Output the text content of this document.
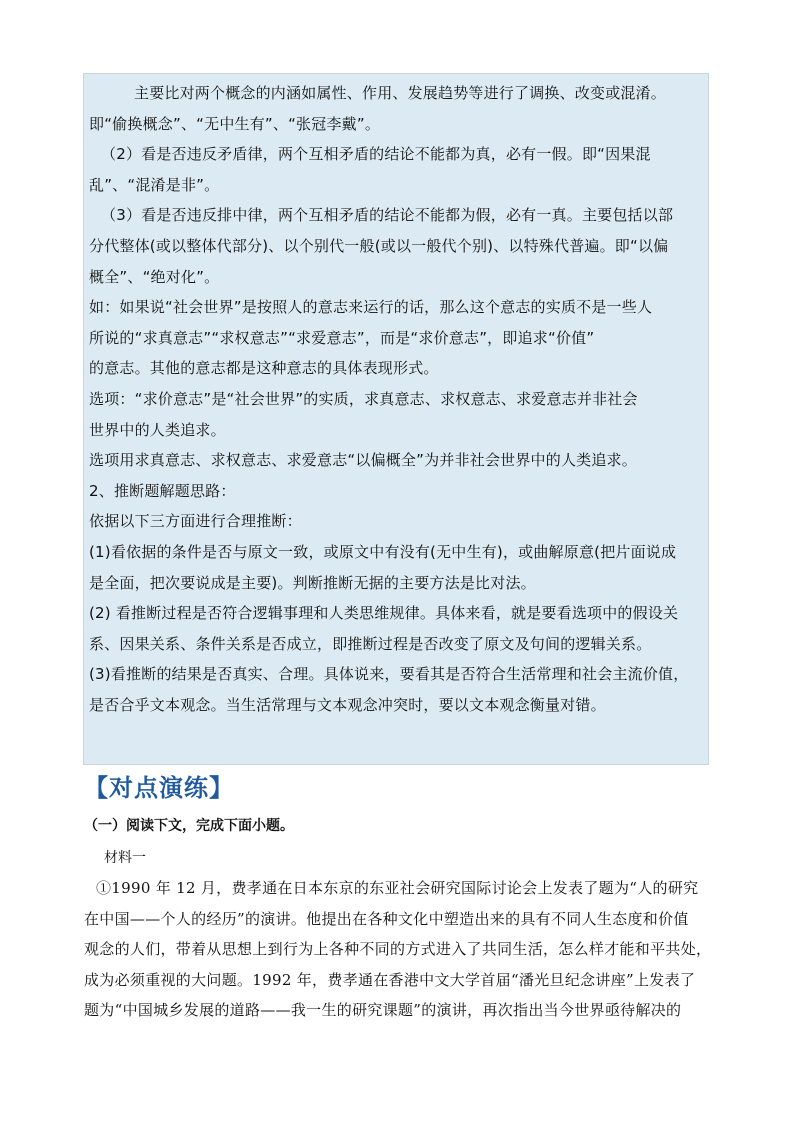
主要比对两个概念的内涵如属性、作用、发展趋势等进行了调换、改变或混淆。

即“偷换概念”、“无中生有”、“张冠李戴”。

（2）看是否违反矛盾律，两个互相矛盾的结论不能都为真，必有一假。即“因果混

乱”、“混淆是非”。

（3）看是否违反排中律，两个互相矛盾的结论不能都为假，必有一真。主要包括以部

分代整体(或以整体代部分)、以个别代一般(或以一般代个别)、以特殊代普遍。即“以偏

概全”、“绝对化”。

如：如果说“社会世界”是按照人的意志来运行的话，那么这个意志的实质不是一些人

所说的“求真意志”“求权意志”“求爱意志”，而是“求价意志”，即追求“价值”

的意志。其他的意志都是这种意志的具体表现形式。

选项：“求价意志”是“社会世界”的实质，求真意志、求权意志、求爱意志并非社会

世界中的人类追求。

选项用求真意志、求权意志、求爱意志“以偏概全”为并非社会世界中的人类追求。

2、推断题解题思路：

依据以下三方面进行合理推断：

(1)看依据的条件是否与原文一致，或原文中有没有(无中生有)，或曲解原意(把片面说成

是全面，把次要说成是主要)。判断推断无据的主要方法是比对法。

(2) 看推断过程是否符合逻辑事理和人类思维规律。具体来看，就是要看选项中的假设关

系、因果关系、条件关系是否成立，即推断过程是否改变了原文及句间的逻辑关系。

(3)看推断的结果是否真实、合理。具体说来，要看其是否符合生活常理和社会主流价值，

是否合乎文本观念。当生活常理与文本观念冲突时，要以文本观念衡量对错。

【对点演练】
（一）阅读下文，完成下面小题。
材料一

①1990 年 12 月，费孝通在日本东京的东亚社会研究国际讨论会上发表了题为“人的研究

在中国——个人的经历”的演讲。他提出在各种文化中塑造出来的具有不同人生态度和价值

观念的人们，带着从思想上到行为上各种不同的方式进入了共同生活，怎么样才能和平共处，

成为必须重视的大问题。1992 年，费孝通在香港中文大学首届“潘光旦纪念讲座”上发表了

题为“中国城乡发展的道路——我一生的研究课题”的演讲，再次指出当今世界亟待解决的
